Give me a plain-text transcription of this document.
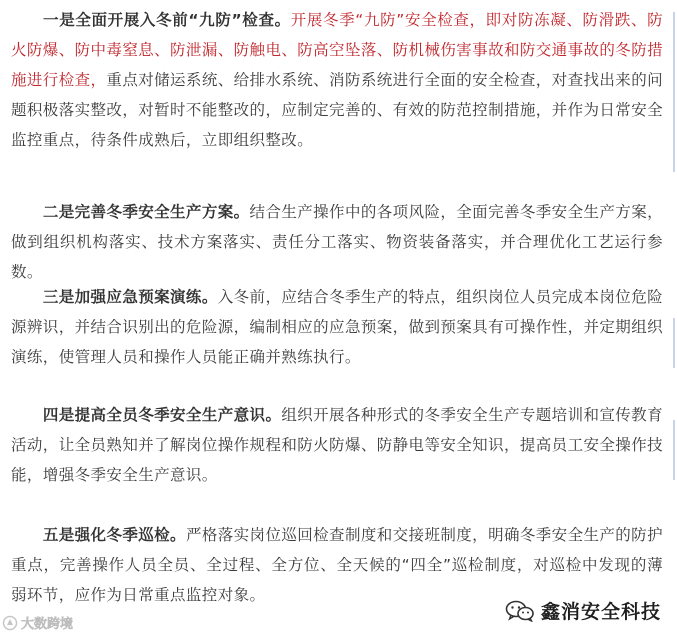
  一是全面开展入冬前“九防”检查。开展冬季“九防”安全检查，即对防冻凝、防滑跌、防火防爆、防中毒窒息、防泄漏、防触电、防高空坠落、防机械伤害事故和防交通事故的冬防措施进行检查，重点对储运系统、给排水系统、消防系统进行全面的安全检查，对查找出来的问题积极落实整改，对暂时不能整改的，应制定完善的、有效的防范控制措施，并作为日常安全监控重点，待条件成熟后，立即组织整改。

  二是完善冬季安全生产方案。结合生产操作中的各项风险，全面完善冬季安全生产方案，做到组织机构落实、技术方案落实、责任分工落实、物资装备落实，并合理优化工艺运行参数。

  三是加强应急预案演练。入冬前，应结合冬季生产的特点，组织岗位人员完成本岗位危险源辨识，并结合识别出的危险源，编制相应的应急预案，做到预案具有可操作性，并定期组织演练，使管理人员和操作人员能正确并熟练执行。

  四是提高全员冬季安全生产意识。组织开展各种形式的冬季安全生产专题培训和宣传教育活动，让全员熟知并了解岗位操作规程和防火防爆、防静电等安全知识，提高员工安全操作技能，增强冬季安全生产意识。

  五是强化冬季巡检。严格落实岗位巡回检查制度和交接班制度，明确冬季安全生产的防护重点，完善操作人员全员、全过程、全方位、全天候的“四全”巡检制度，对巡检中发现的薄弱环节，应作为日常重点监控对象。

大数跨境
鑫消安全科技
